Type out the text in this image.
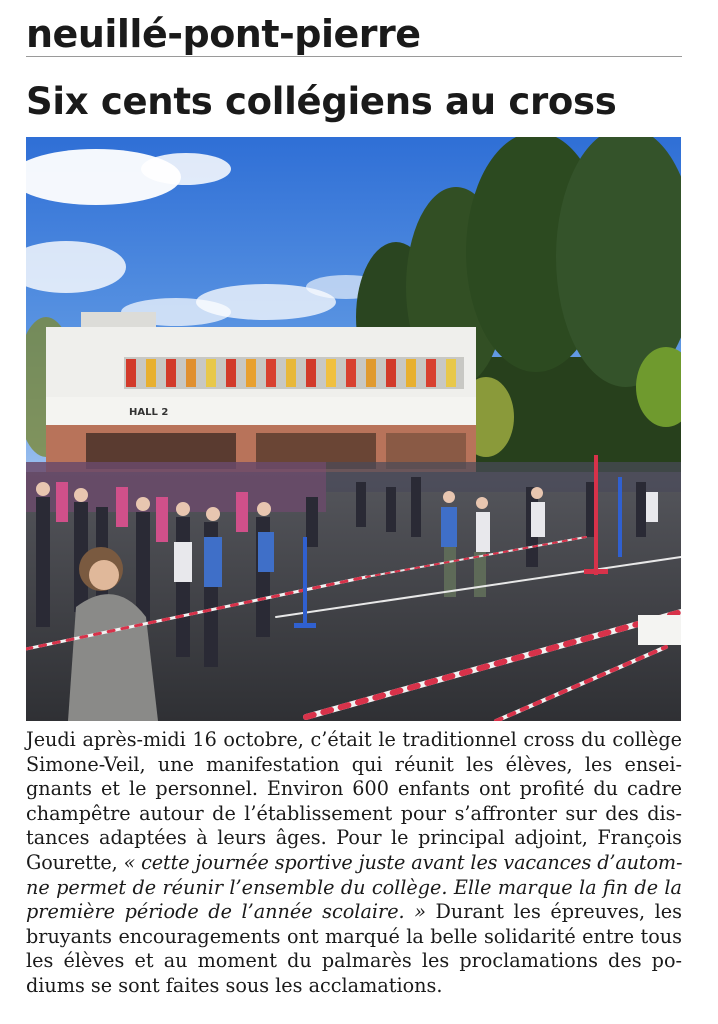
neuillé-pont-pierre
Six cents collégiens au cross
HALL 2
Jeudi après-midi 16 octobre, c’était le traditionnel cross du collège
Simone-Veil, une manifestation qui réunit les élèves, les ensei-
gnants et le personnel. Environ 600 enfants ont profité du cadre
champêtre autour de l’établissement pour s’affronter sur des dis-
tances adaptées à leurs âges. Pour le principal adjoint, François
Gourette, « cette journée sportive juste avant les vacances d’autom-
ne permet de réunir l’ensemble du collège. Elle marque la fin de la
première période de l’année scolaire. » Durant les épreuves, les
bruyants encouragements ont marqué la belle solidarité entre tous
les élèves et au moment du palmarès les proclamations des po-
diums se sont faites sous les acclamations.
